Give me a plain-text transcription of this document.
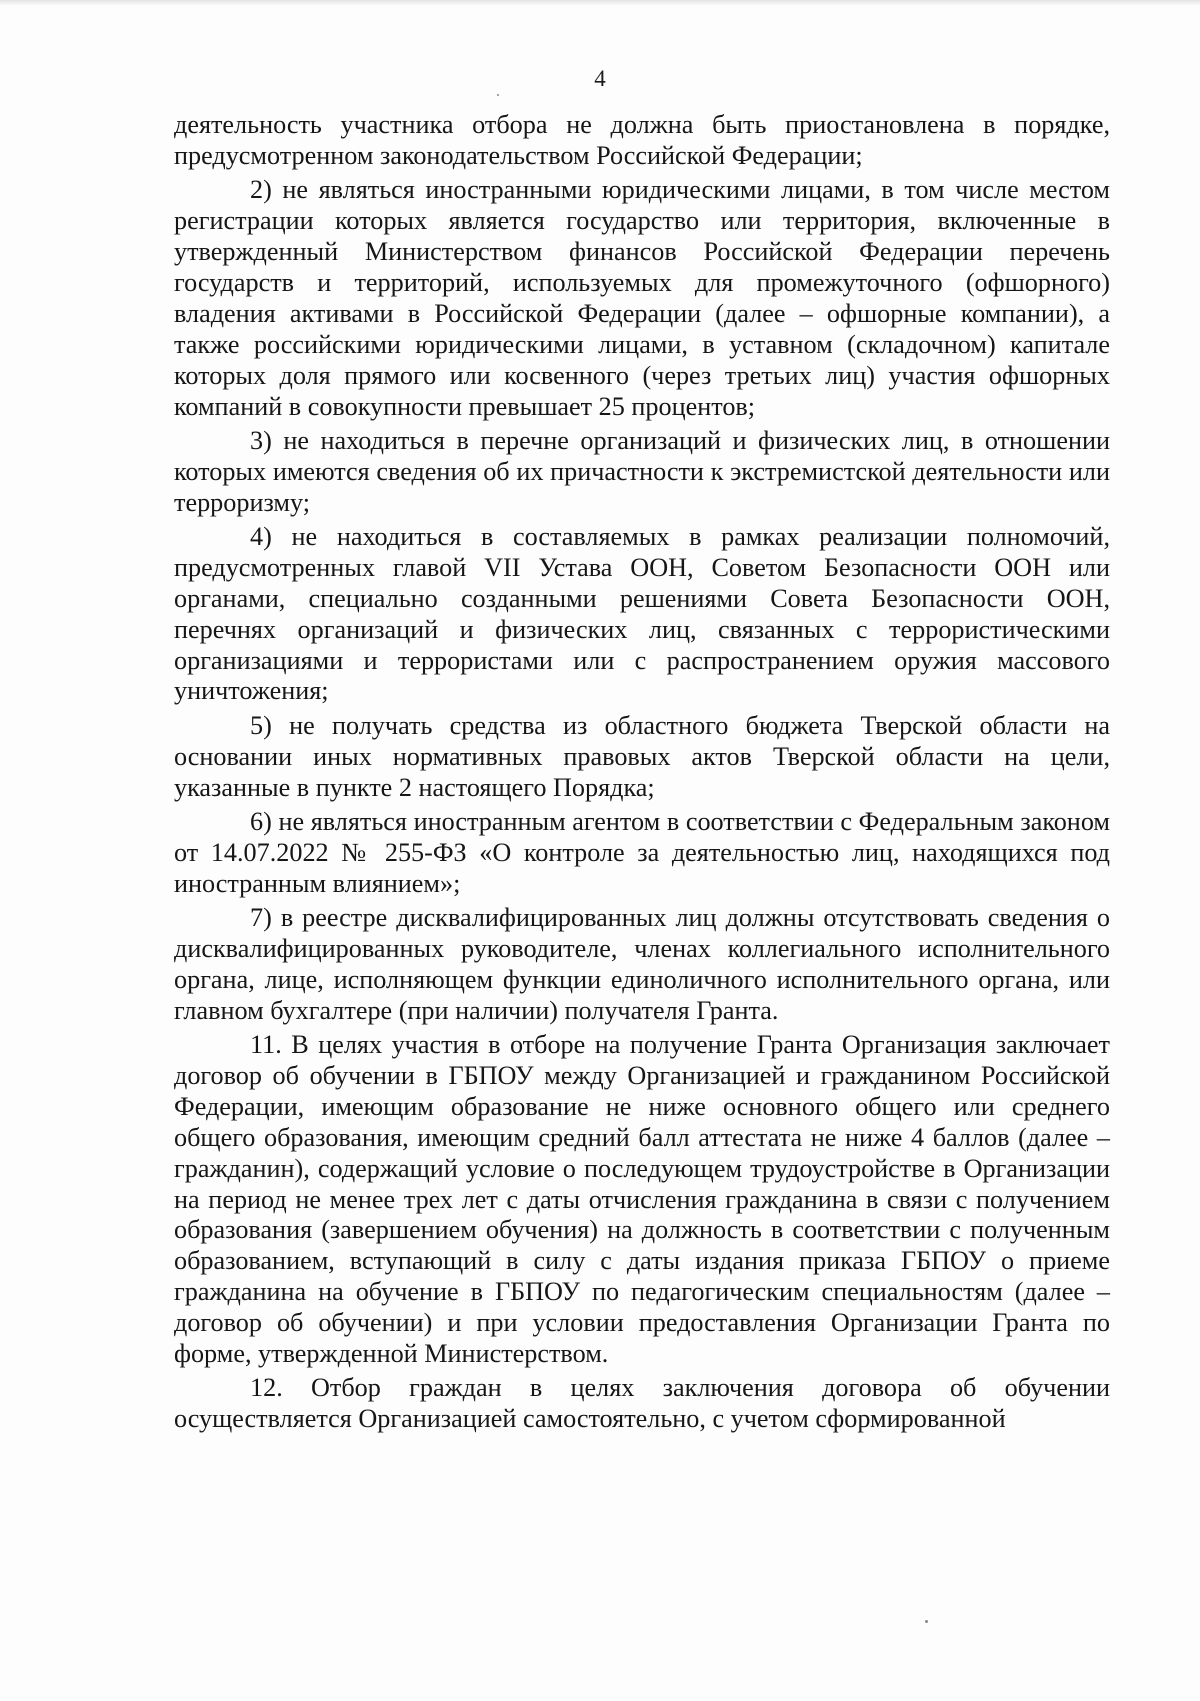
4

деятельность участника отбора не должна быть приостановлена в порядке, предусмотренном законодательством Российской Федерации;

2) не являться иностранными юридическими лицами, в том числе местом регистрации которых является государство или территория, включенные в утвержденный Министерством финансов Российской Федерации перечень государств и территорий, используемых для промежуточного (офшорного) владения активами в Российской Федерации (далее – офшорные компании), а также российскими юридическими лицами, в уставном (складочном) капитале которых доля прямого или косвенного (через третьих лиц) участия офшорных компаний в совокупности превышает 25 процентов;

3) не находиться в перечне организаций и физических лиц, в отношении которых имеются сведения об их причастности к экстремистской деятельности или терроризму;

4) не находиться в составляемых в рамках реализации полномочий, предусмотренных главой VII Устава ООН, Советом Безопасности ООН или органами, специально созданными решениями Совета Безопасности ООН, перечнях организаций и физических лиц, связанных с террористическими организациями и террористами или с распространением оружия массового уничтожения;

5) не получать средства из областного бюджета Тверской области на основании иных нормативных правовых актов Тверской области на цели, указанные в пункте 2 настоящего Порядка;

6) не являться иностранным агентом в соответствии с Федеральным законом от 14.07.2022 № 255-ФЗ «О контроле за деятельностью лиц, находящихся под иностранным влиянием»;

7) в реестре дисквалифицированных лиц должны отсутствовать сведения о дисквалифицированных руководителе, членах коллегиального исполнительного органа, лице, исполняющем функции единоличного исполнительного органа, или главном бухгалтере (при наличии) получателя Гранта.

11. В целях участия в отборе на получение Гранта Организация заключает договор об обучении в ГБПОУ между Организацией и гражданином Российской Федерации, имеющим образование не ниже основного общего или среднего общего образования, имеющим средний балл аттестата не ниже 4 баллов (далее – гражданин), содержащий условие о последующем трудоустройстве в Организации на период не менее трех лет с даты отчисления гражданина в связи с получением образования (завершением обучения) на должность в соответствии с полученным образованием, вступающий в силу с даты издания приказа ГБПОУ о приеме гражданина на обучение в ГБПОУ по педагогическим специальностям (далее – договор об обучении) и при условии предоставления Организации Гранта по форме, утвержденной Министерством.

12. Отбор граждан в целях заключения договора об обучении осуществляется Организацией самостоятельно, с учетом сформированной
